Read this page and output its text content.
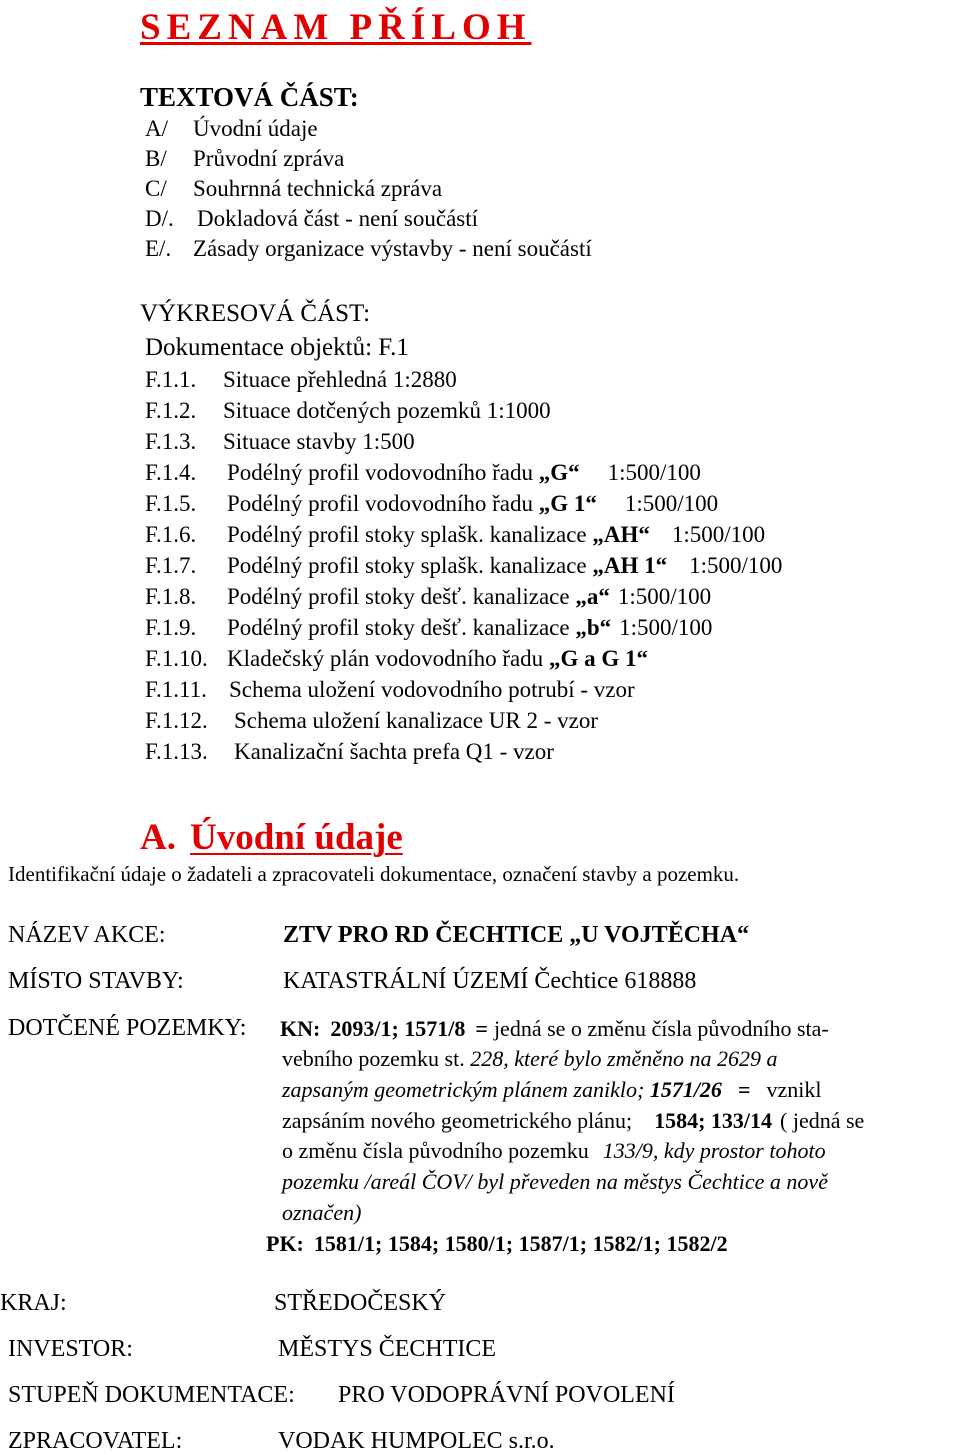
SEZNAM PŘÍLOH
TEXTOVÁ ČÁST:
A/ Úvodní údaje
B/ Průvodní zpráva
C/ Souhrnná technická zpráva
D/. Dokladová část - není součástí
E/. Zásady organizace výstavby - není součástí
VÝKRESOVÁ ČÁST:
Dokumentace objektů: F.1
F.1.1. Situace přehledná 1:2880
F.1.2. Situace dotčených pozemků 1:1000
F.1.3. Situace stavby 1:500
F.1.4. Podélný profil vodovodního řadu „G“ 1:500/100
F.1.5. Podélný profil vodovodního řadu „G 1“ 1:500/100
F.1.6. Podélný profil stoky splašk. kanalizace „AH“ 1:500/100
F.1.7. Podélný profil stoky splašk. kanalizace „AH 1“ 1:500/100
F.1.8. Podélný profil stoky dešť. kanalizace „a“ 1:500/100
F.1.9. Podélný profil stoky dešť. kanalizace „b“ 1:500/100
F.1.10. Kladečský plán vodovodního řadu „G a G 1“
F.1.11. Schema uložení vodovodního potrubí - vzor
F.1.12. Schema uložení kanalizace UR 2 - vzor
F.1.13. Kanalizační šachta prefa Q1 - vzor
A. Úvodní údaje
Identifikační údaje o žadateli a zpracovateli dokumentace, označení stavby a pozemku.
NÁZEV AKCE:	ZTV PRO RD ČECHTICE „U VOJTĚCHA“
MÍSTO STAVBY:	KATASTRÁLNÍ ÚZEMÍ Čechtice 618888
DOTČENÉ POZEMKY: KN: 2093/1; 1571/8 = jedná se o změnu čísla původního sta-
vebního pozemku st. 228, které bylo změněno na 2629 a
zapsaným geometrickým plánem zaniklo; 1571/26 = vznikl
zapsáním nového geometrického plánu; 1584; 133/14 ( jedná se
o změnu čísla původního pozemku 133/9, kdy prostor tohoto
pozemku /areál ČOV/ byl převeden na městys Čechtice a nově
označen)
PK: 1581/1; 1584; 1580/1; 1587/1; 1582/1; 1582/2
KRAJ:	STŘEDOČESKÝ
INVESTOR:	MĚSTYS ČECHTICE
STUPEŇ DOKUMENTACE: PRO VODOPRÁVNÍ POVOLENÍ
ZPRACOVATEL:	VODAK HUMPOLEC s.r.o.
